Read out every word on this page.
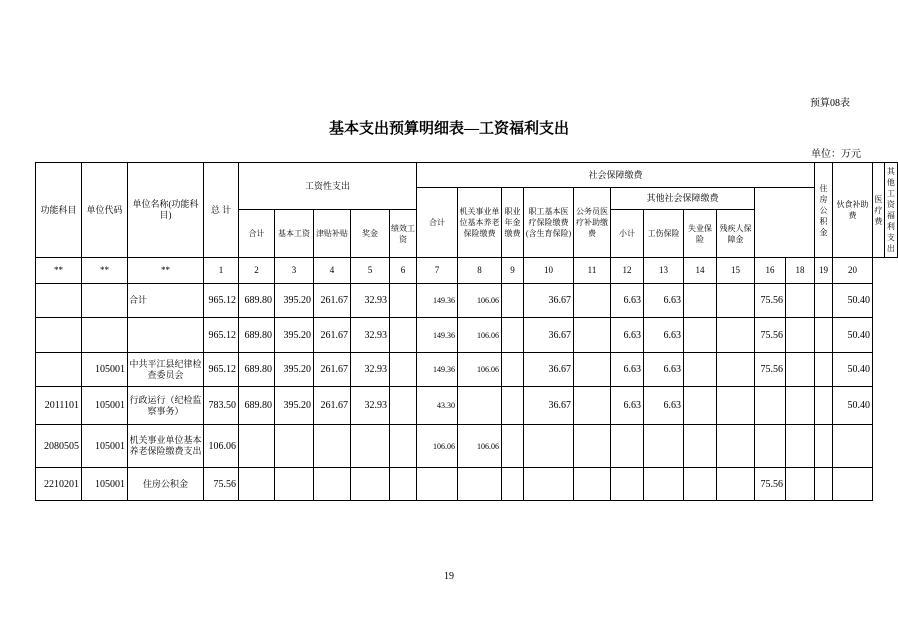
预算08表
基本支出预算明细表—工资福利支出
单位：万元
功能科目	单位代码	单位名称(功能科目)	总 计	工资性支出					社会保障缴费											住房公积金	伙食补助费	医疗费	其他工资福利支出
									合计	机关事业单位基本养老保险缴费	职业年金缴费	职工基本医疗保险缴费(含生育保险)	公务员医疗补助缴费	其他社会保障缴费									
				合计	基本工资	津贴补贴	奖金	绩效工资						小计	工伤保险	失业保险	残疾人保障金						
**	**	**	1	2	3	4	5	6	7	8	9	10	11	12	13	14	15	16	18	19	20		
		合计	965.12	689.80	395.20	261.67	32.93		149.36	106.06		36.67		6.63	6.63			75.56			50.40		
			965.12	689.80	395.20	261.67	32.93		149.36	106.06		36.67		6.63	6.63			75.56			50.40		
	105001	中共平江县纪律检查委员会	965.12	689.80	395.20	261.67	32.93		149.36	106.06		36.67		6.63	6.63			75.56			50.40		
2011101	105001	行政运行（纪检监察事务）	783.50	689.80	395.20	261.67	32.93		43.30			36.67		6.63	6.63						50.40		
2080505	105001	机关事业单位基本养老保险缴费支出	106.06						106.06	106.06													
2210201	105001	住房公积金	75.56															75.56					
19
